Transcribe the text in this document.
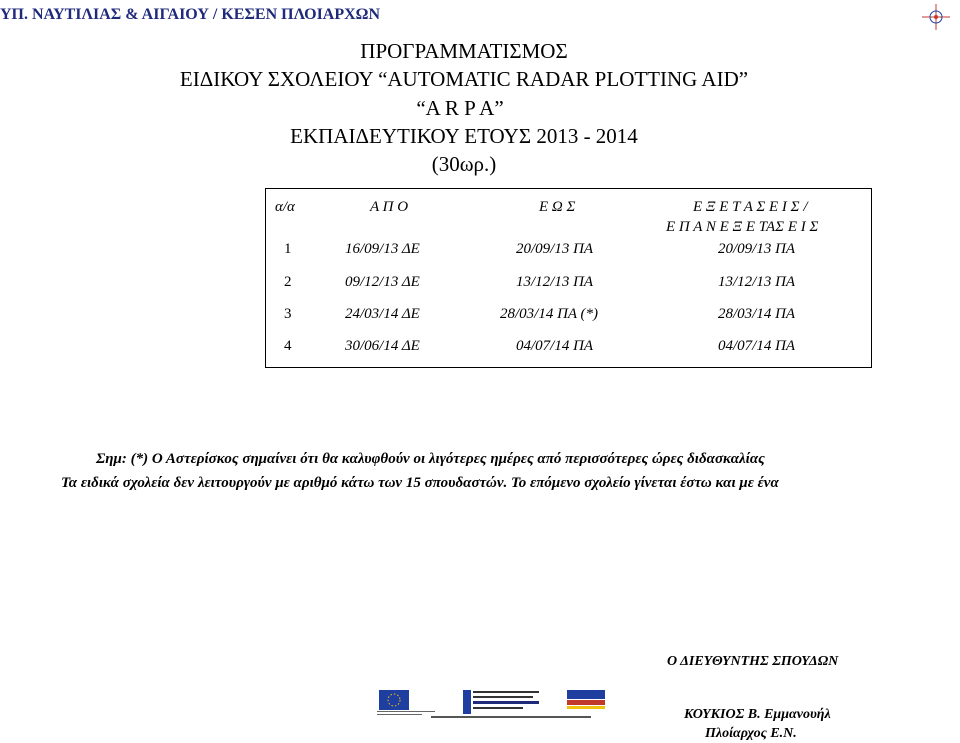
ΥΠ. ΝΑΥΤΙΛΙΑΣ & ΑΙΓΑΙΟΥ / ΚΕΣΕΝ ΠΛΟΙΑΡΧΩΝ
ΠΡΟΓΡΑΜΜΑΤΙΣΜΟΣ
ΕΙΔΙΚΟΥ ΣΧΟΛΕΙΟΥ “AUTOMATIC RADAR PLOTTING AID”
“A R P A”
ΕΚΠΑΙΔΕΥΤΙΚΟΥ ΕΤΟΥΣ 2013 - 2014
(30ωρ.)
α/α	Α Π Ο	Ε Ω Σ	Ε Ξ Ε Τ Α Σ Ε Ι Σ /
Ε Π Α Ν Ε Ξ Ε ΤΑΣ Ε Ι Σ
1	16/09/13 ΔΕ	20/09/13 ΠΑ	20/09/13 ΠΑ
2	09/12/13 ΔΕ	13/12/13 ΠΑ	13/12/13 ΠΑ
3	24/03/14 ΔΕ	28/03/14 ΠΑ (*)	28/03/14 ΠΑ
4	30/06/14 ΔΕ	04/07/14 ΠΑ	04/07/14 ΠΑ
Σημ: (*) Ο Αστερίσκος σημαίνει ότι θα καλυφθούν οι λιγότερες ημέρες από περισσότερες ώρες διδασκαλίας
Τα ειδικά σχολεία δεν λειτουργούν με αριθμό κάτω των 15 σπουδαστών. Το επόμενο σχολείο γίνεται έστω και με ένα
Ο ΔΙΕΥΘΥΝΤΗΣ ΣΠΟΥΔΩΝ
ΚΟΥΚΙΟΣ Β. Εμμανουήλ
Πλοίαρχος Ε.Ν.
